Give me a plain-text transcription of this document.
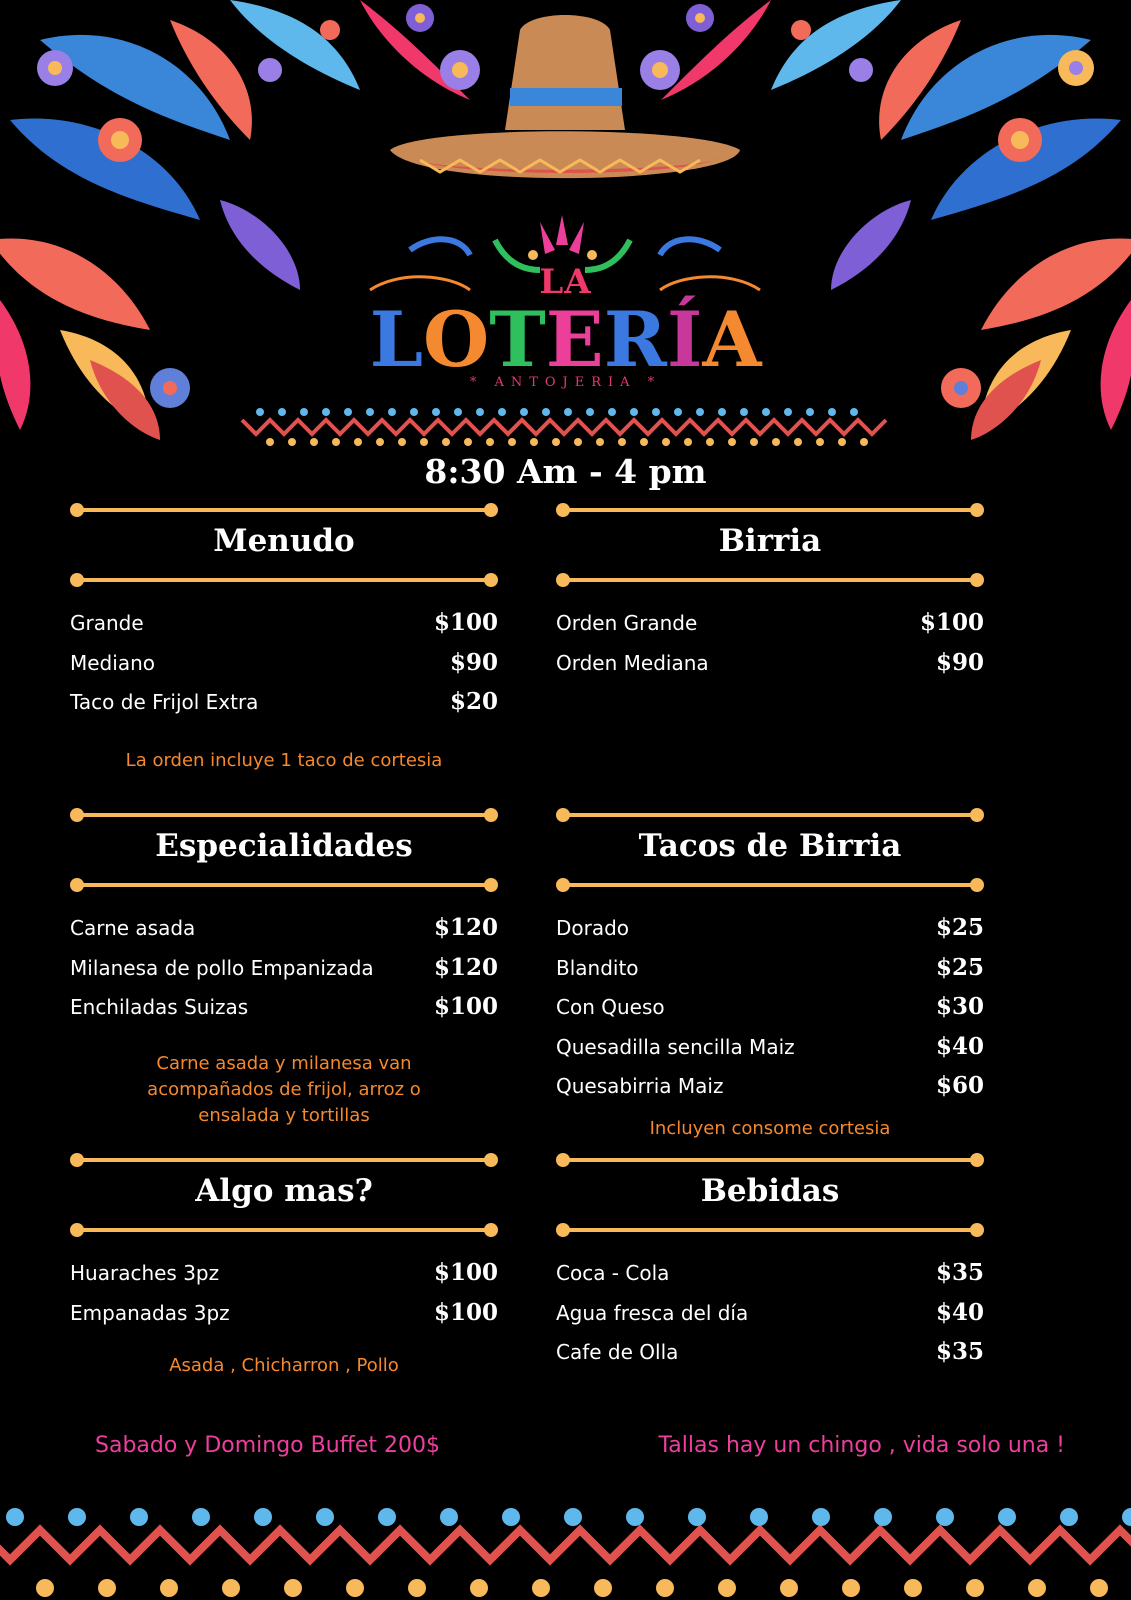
LA
LOTERÍA
* ANTOJERIA *
8:30 Am - 4 pm
Menudo
Grande	$100
Mediano	$90
Taco de Frijol Extra	$20
La orden incluye 1 taco de cortesia
Birria
Orden Grande	$100
Orden Mediana	$90
Especialidades
Carne asada	$120
Milanesa de pollo Empanizada	$120
Enchiladas Suizas	$100
Carne asada y milanesa van acompañados de frijol, arroz o ensalada y tortillas
Tacos de Birria
Dorado	$25
Blandito	$25
Con Queso	$30
Quesadilla sencilla Maiz	$40
Quesabirria Maiz	$60
Incluyen consome cortesia
Algo mas?
Huaraches 3pz	$100
Empanadas 3pz	$100
Asada , Chicharron , Pollo
Bebidas
Coca - Cola	$35
Agua fresca del día	$40
Cafe de Olla	$35
Sabado y Domingo Buffet 200$	Tallas hay un chingo , vida solo una !
